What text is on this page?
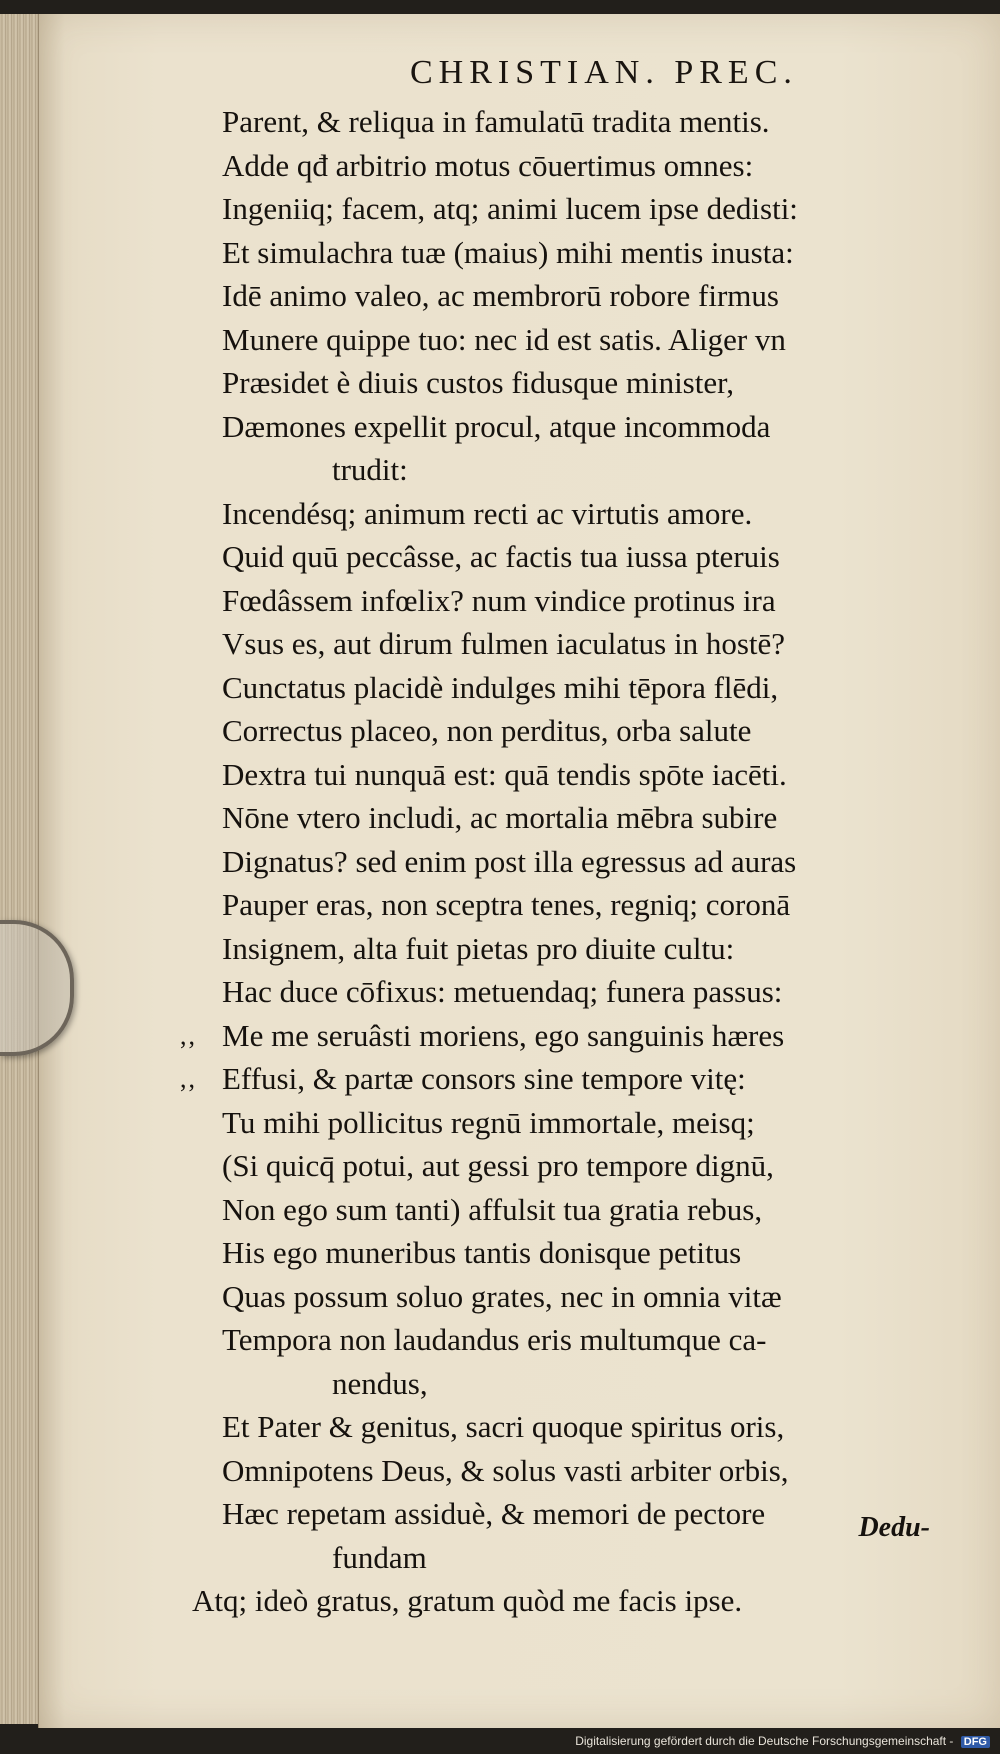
CHRISTIAN. PREC.
Parent, & reliqua in famulatū tradita mentis.
Adde qđ arbitrio motus cōuertimus omnes:
Ingeniiq; facem, atq; animi lucem ipse dedisti:
Et simulachra tuæ (maius) mihi mentis inusta:
Idē animo valeo, ac membrorū robore firmus
Munere quippe tuo: nec id est satis. Aliger vn
Præsidet è diuis custos fidusque minister,
Dæmones expellit procul, atque incommoda
trudit:
Incendésq; animum recti ac virtutis amore.
Quid quū peccâsse, ac factis tua iussa pteruis
Fœdâssem infœlix? num vindice protinus ira
Vsus es, aut dirum fulmen iaculatus in hostē?
Cunctatus placidè indulges mihi tēpora flēdi,
Correctus placeo, non perditus, orba salute
Dextra tui nunquā est: quā tendis spōte iacēti.
Nōne vtero includi, ac mortalia mēbra subire
Dignatus? sed enim post illa egressus ad auras
Pauper eras, non sceptra tenes, regniq; coronā
Insignem, alta fuit pietas pro diuite cultu:
Hac duce cōfixus: metuendaq; funera passus:
,, Me me seruâsti moriens, ego sanguinis hæres
,, Effusi, & partæ consors sine tempore vitę:
Tu mihi pollicitus regnū immortale, meisq;
(Si quicq̄ potui, aut gessi pro tempore dignū,
Non ego sum tanti) affulsit tua gratia rebus,
His ego muneribus tantis donisque petitus
Quas possum soluo grates, nec in omnia vitæ
Tempora non laudandus eris multumque ca-
nendus,
Et Pater & genitus, sacri quoque spiritus oris,
Omnipotens Deus, & solus vasti arbiter orbis,
Hæc repetam assiduè, & memori de pectore
fundam
Atq; ideò gratus, gratum quòd me facis ipse.
Dedu-
Digitalisierung gefördert durch die Deutsche Forschungsgemeinschaft - DFG
